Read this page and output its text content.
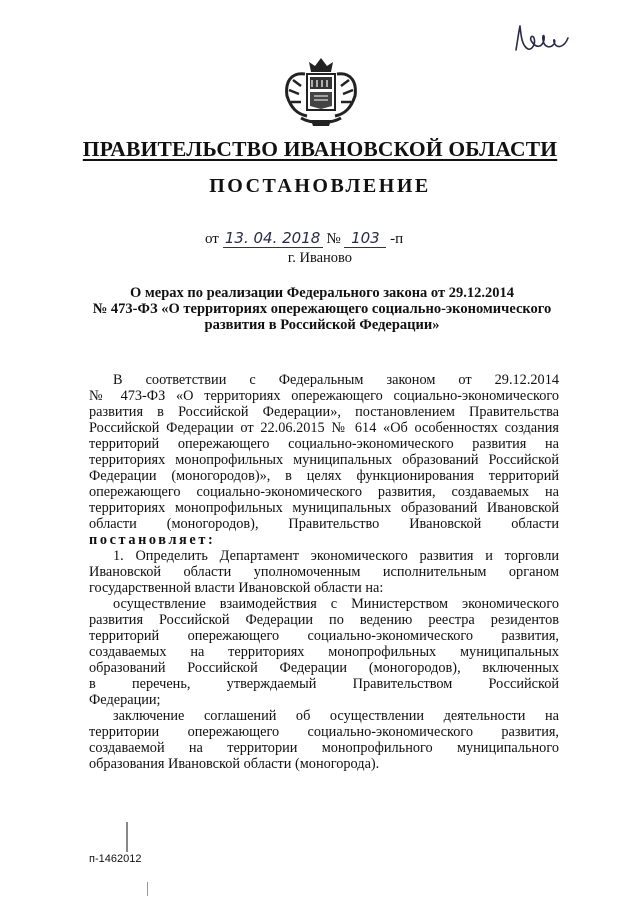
ПРАВИТЕЛЬСТВО ИВАНОВСКОЙ ОБЛАСТИ
ПОСТАНОВЛЕНИЕ
от 13. 04. 2018 № 103 -п
г. Иваново
О мерах по реализации Федерального закона от 29.12.2014
№ 473-ФЗ «О территориях опережающего социально-экономического
развития в Российской Федерации»

В соответствии с Федеральным законом от 29.12.2014

№ 473-ФЗ «О территориях опережающего социально-экономического

развития в Российской Федерации», постановлением Правительства

Российской Федерации от 22.06.2015 № 614 «Об особенностях создания

территорий опережающего социально-экономического развития на

территориях монопрофильных муниципальных образований Российской

Федерации (моногородов)», в целях функционирования территорий

опережающего социально-экономического развития, создаваемых на

территориях монопрофильных муниципальных образований Ивановской

области (моногородов), Правительство Ивановской области

постановляет:

1. Определить Департамент экономического развития и торговли

Ивановской области уполномоченным исполнительным органом

государственной власти Ивановской области на:

осуществление взаимодействия с Министерством экономического

развития Российской Федерации по ведению реестра резидентов

территорий опережающего социально-экономического развития,

создаваемых на территориях монопрофильных муниципальных

образований Российской Федерации (моногородов), включенных

в перечень, утверждаемый Правительством Российской

Федерации;

заключение соглашений об осуществлении деятельности на

территории опережающего социально-экономического развития,

создаваемой на территории монопрофильного муниципального

образования Ивановской области (моногорода).

п-1462012
